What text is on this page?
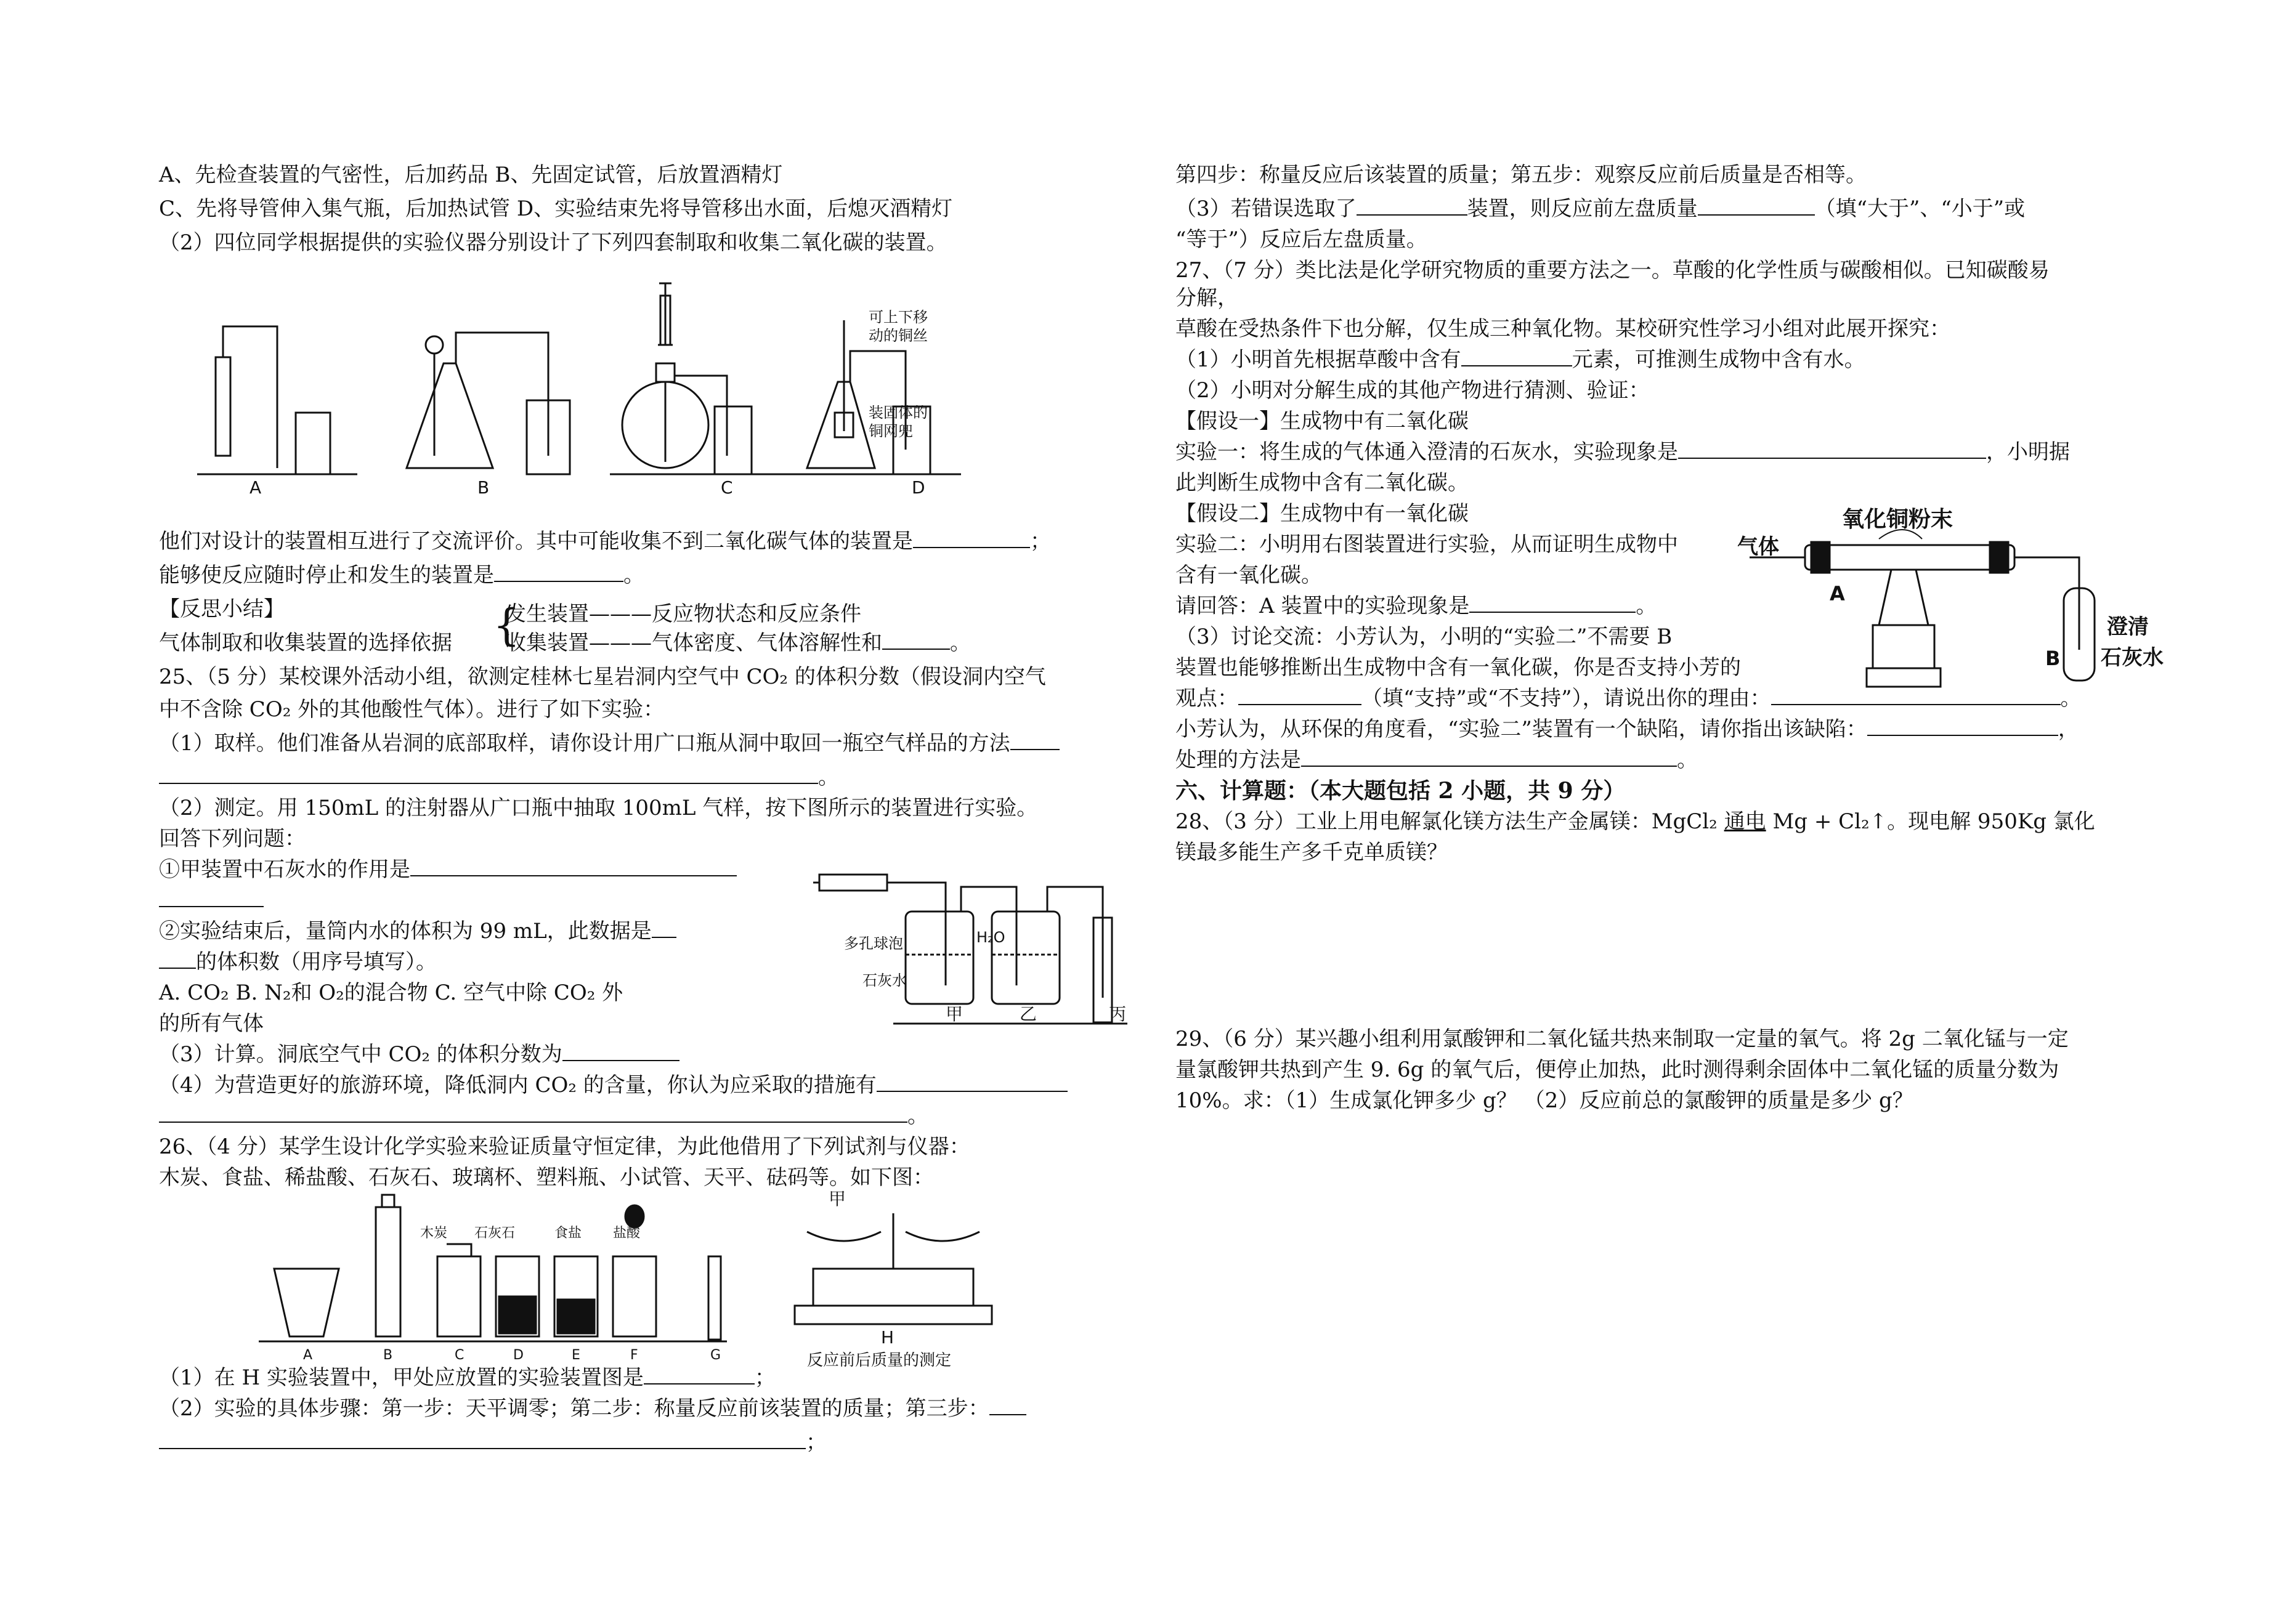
A、先检查装置的气密性，后加药品 B、先固定试管，后放置酒精灯
C、先将导管伸入集气瓶，后加热试管 D、实验结束先将导管移出水面，后熄灭酒精灯
（2）四位同学根据提供的实验仪器分别设计了下列四套制取和收集二氧化碳的装置。
A	B	C	D
可上下移
动的铜丝
装固体的
铜网兜
他们对设计的装置相互进行了交流评价。其中可能收集不到二氧化碳气体的装置是	；
能够使反应随时停止和发生的装置是	。
【反思小结】
气体制取和收集装置的选择依据 {
发生装置———反应物状态和反应条件
收集装置———气体密度、气体溶解性和	。
25、（5 分）某校课外活动小组，欲测定桂林七星岩洞内空气中 CO₂ 的体积分数（假设洞内空气
中不含除 CO₂ 外的其他酸性气体）。进行了如下实验：
（1）取样。他们准备从岩洞的底部取样，请你设计用广口瓶从洞中取回一瓶空气样品的方法
。
（2）测定。用 150mL 的注射器从广口瓶中抽取 100mL 气样，按下图所示的装置进行实验。
回答下列问题：
①甲装置中石灰水的作用是
②实验结束后，量筒内水的体积为 99 mL，此数据是
的体积数（用序号填写）。
A. CO₂ B. N₂和 O₂的混合物 C. 空气中除 CO₂ 外
的所有气体
多孔球泡
石灰水
H₂O
甲	乙	丙
（3）计算。洞底空气中 CO₂ 的体积分数为
（4）为营造更好的旅游环境，降低洞内 CO₂ 的含量，你认为应采取的措施有
。
26、（4 分）某学生设计化学实验来验证质量守恒定律，为此他借用了下列试剂与仪器：
木炭、食盐、稀盐酸、石灰石、玻璃杯、塑料瓶、小试管、天平、砝码等。如下图：
A	B	C	D	E	F	G
木炭 石灰石	食盐 盐酸
甲
H
反应前后质量的测定
（1）在 H 实验装置中，甲处应放置的实验装置图是	；
（2）实验的具体步骤：第一步：天平调零；第二步：称量反应前该装置的质量；第三步：
；
第四步：称量反应后该装置的质量；第五步：观察反应前后质量是否相等。
（3）若错误选取了	装置，则反应前左盘质量	（填“大于”、“小于”或
“等于”）反应后左盘质量。
27、（7 分）类比法是化学研究物质的重要方法之一。草酸的化学性质与碳酸相似。已知碳酸易
分解，
草酸在受热条件下也分解，仅生成三种氧化物。某校研究性学习小组对此展开探究：
（1）小明首先根据草酸中含有	元素，可推测生成物中含有水。
（2）小明对分解生成的其他产物进行猜测、验证：
【假设一】生成物中有二氧化碳
实验一：将生成的气体通入澄清的石灰水，实验现象是	，小明据
此判断生成物中含有二氧化碳。
【假设二】生成物中有一氧化碳
实验二：小明用右图装置进行实验，从而证明生成物中
含有一氧化碳。
请回答：A 装置中的实验现象是	。
（3）讨论交流：小芳认为，小明的“实验二”不需要 B
装置也能够推断出生成物中含有一氧化碳，你是否支持小芳的
观点：	（填“支持”或“不支持”），请说出你的理由：	。
小芳认为，从环保的角度看，“实验二”装置有一个缺陷，请你指出该缺陷：	，
处理的方法是	。
氧化铜粉末
气体
A
B
澄清
石灰水
六、计算题：（本大题包括 2 小题，共 9 分）
28、（3 分）工业上用电解氯化镁方法生产金属镁：MgCl₂ 通电 Mg + Cl₂↑。现电解 950Kg 氯化
镁最多能生产多千克单质镁？
29、（6 分）某兴趣小组利用氯酸钾和二氧化锰共热来制取一定量的氧气。将 2g 二氧化锰与一定
量氯酸钾共热到产生 9. 6g 的氧气后，便停止加热，此时测得剩余固体中二氧化锰的质量分数为
10%。求：（1）生成氯化钾多少 g？ （2）反应前总的氯酸钾的质量是多少 g？
